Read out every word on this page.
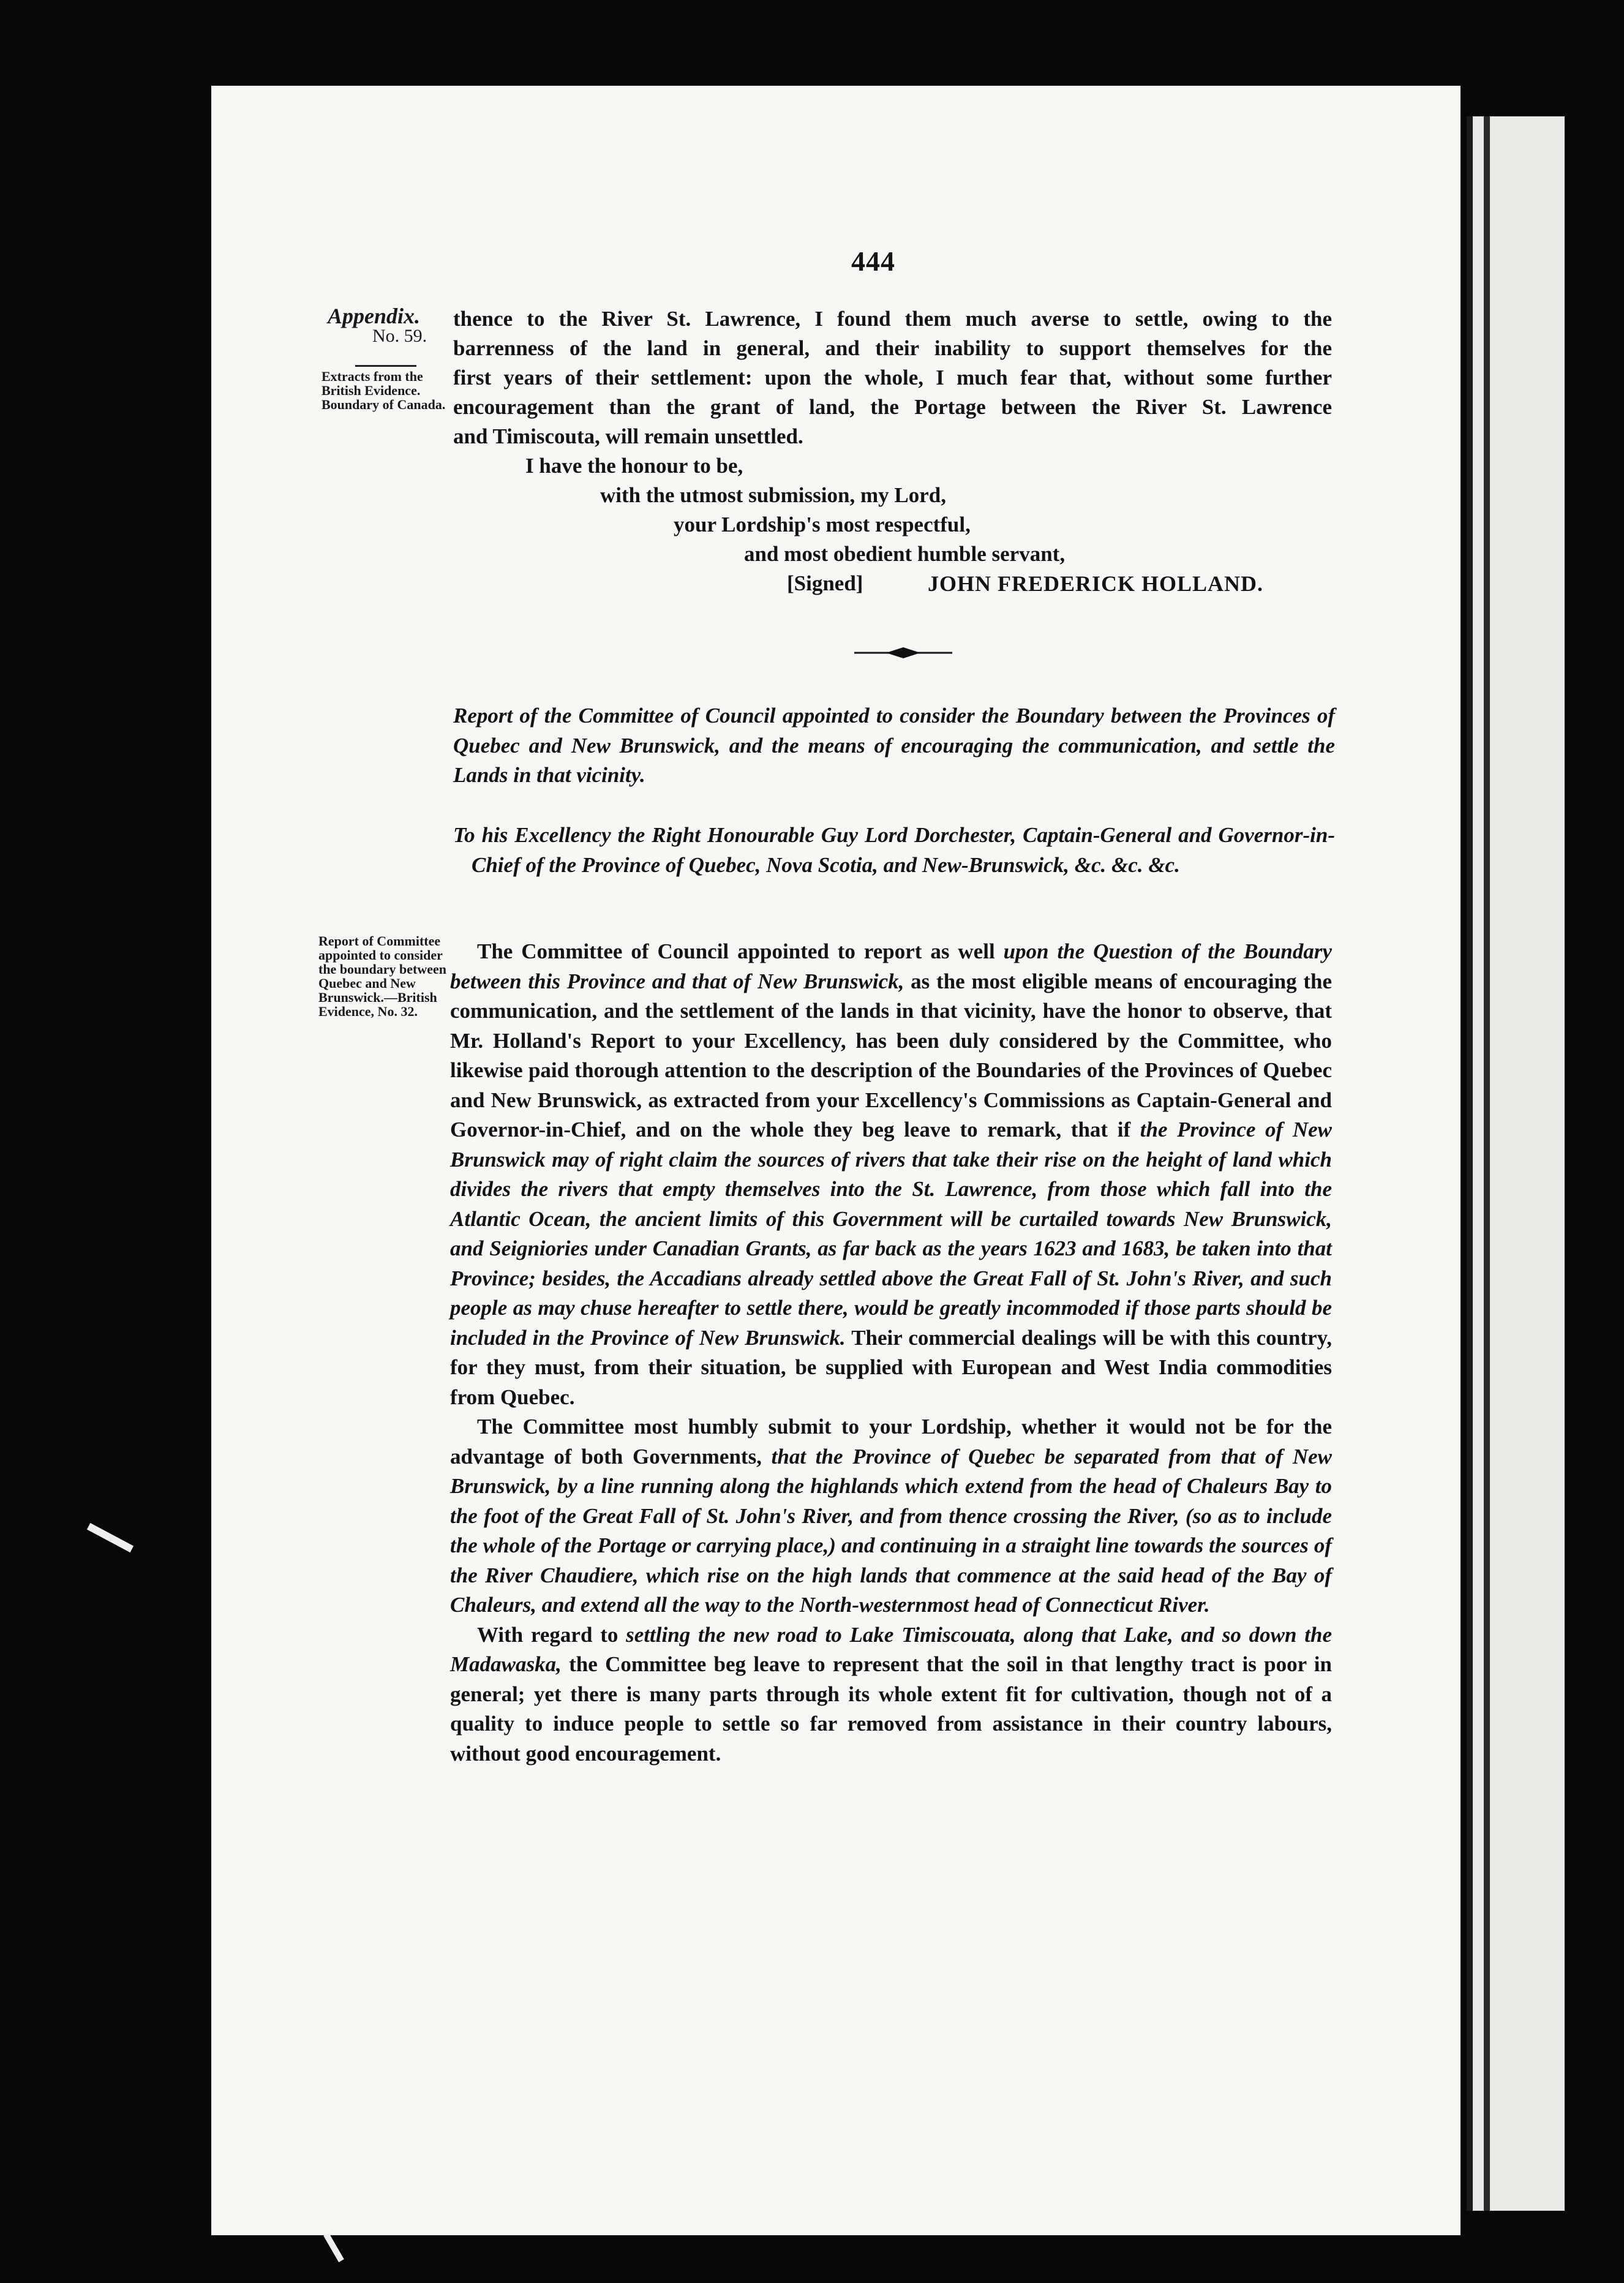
444
Appendix.
No. 59.
Extracts from the British Evidence. Boundary of Canada.
Report of Committee appointed to consider the boundary between Quebec and New Brunswick.—British Evidence, No. 32.
thence to the River St. Lawrence, I found them much averse to settle, owing to the
barrenness of the land in general, and their inability to support themselves for the
first years of their settlement: upon the whole, I much fear that, without some further
encouragement than the grant of land, the Portage between the River St. Lawrence
and Timiscouta, will remain unsettled.
I have the honour to be,
with the utmost submission, my Lord,
your Lordship's most respectful,
and most obedient humble servant,
[Signed]	JOHN FREDERICK HOLLAND.

Report of the Committee of Council appointed to consider the Boundary between the Provinces of Quebec and New Brunswick, and the means of encouraging the communication, and settle the Lands in that vicinity.

To his Excellency the Right Honourable Guy Lord Dorchester, Captain-General and Governor-in-Chief of the Province of Quebec, Nova Scotia, and New-Brunswick, &c. &c. &c.

The Committee of Council appointed to report as well upon the Question of the Boundary between this Province and that of New Brunswick, as the most eligible means of encouraging the communication, and the settlement of the lands in that vicinity, have the honor to observe, that Mr. Holland's Report to your Excellency, has been duly considered by the Committee, who likewise paid thorough attention to the description of the Boundaries of the Provinces of Quebec and New Brunswick, as extracted from your Excellency's Commissions as Captain-General and Governor-in-Chief, and on the whole they beg leave to remark, that if the Province of New Brunswick may of right claim the sources of rivers that take their rise on the height of land which divides the rivers that empty themselves into the St. Lawrence, from those which fall into the Atlantic Ocean, the ancient limits of this Government will be curtailed towards New Brunswick, and Seigniories under Canadian Grants, as far back as the years 1623 and 1683, be taken into that Province; besides, the Accadians already settled above the Great Fall of St. John's River, and such people as may chuse hereafter to settle there, would be greatly incommoded if those parts should be included in the Province of New Brunswick. Their commercial dealings will be with this country, for they must, from their situation, be supplied with European and West India commodities from Quebec.

The Committee most humbly submit to your Lordship, whether it would not be for the advantage of both Governments, that the Province of Quebec be separated from that of New Brunswick, by a line running along the highlands which extend from the head of Chaleurs Bay to the foot of the Great Fall of St. John's River, and from thence crossing the River, (so as to include the whole of the Portage or carrying place,) and continuing in a straight line towards the sources of the River Chaudiere, which rise on the high lands that commence at the said head of the Bay of Chaleurs, and extend all the way to the North-westernmost head of Connecticut River.

With regard to settling the new road to Lake Timiscouata, along that Lake, and so down the Madawaska, the Committee beg leave to represent that the soil in that lengthy tract is poor in general; yet there is many parts through its whole extent fit for cultivation, though not of a quality to induce people to settle so far removed from assistance in their country labours, without good encouragement.
